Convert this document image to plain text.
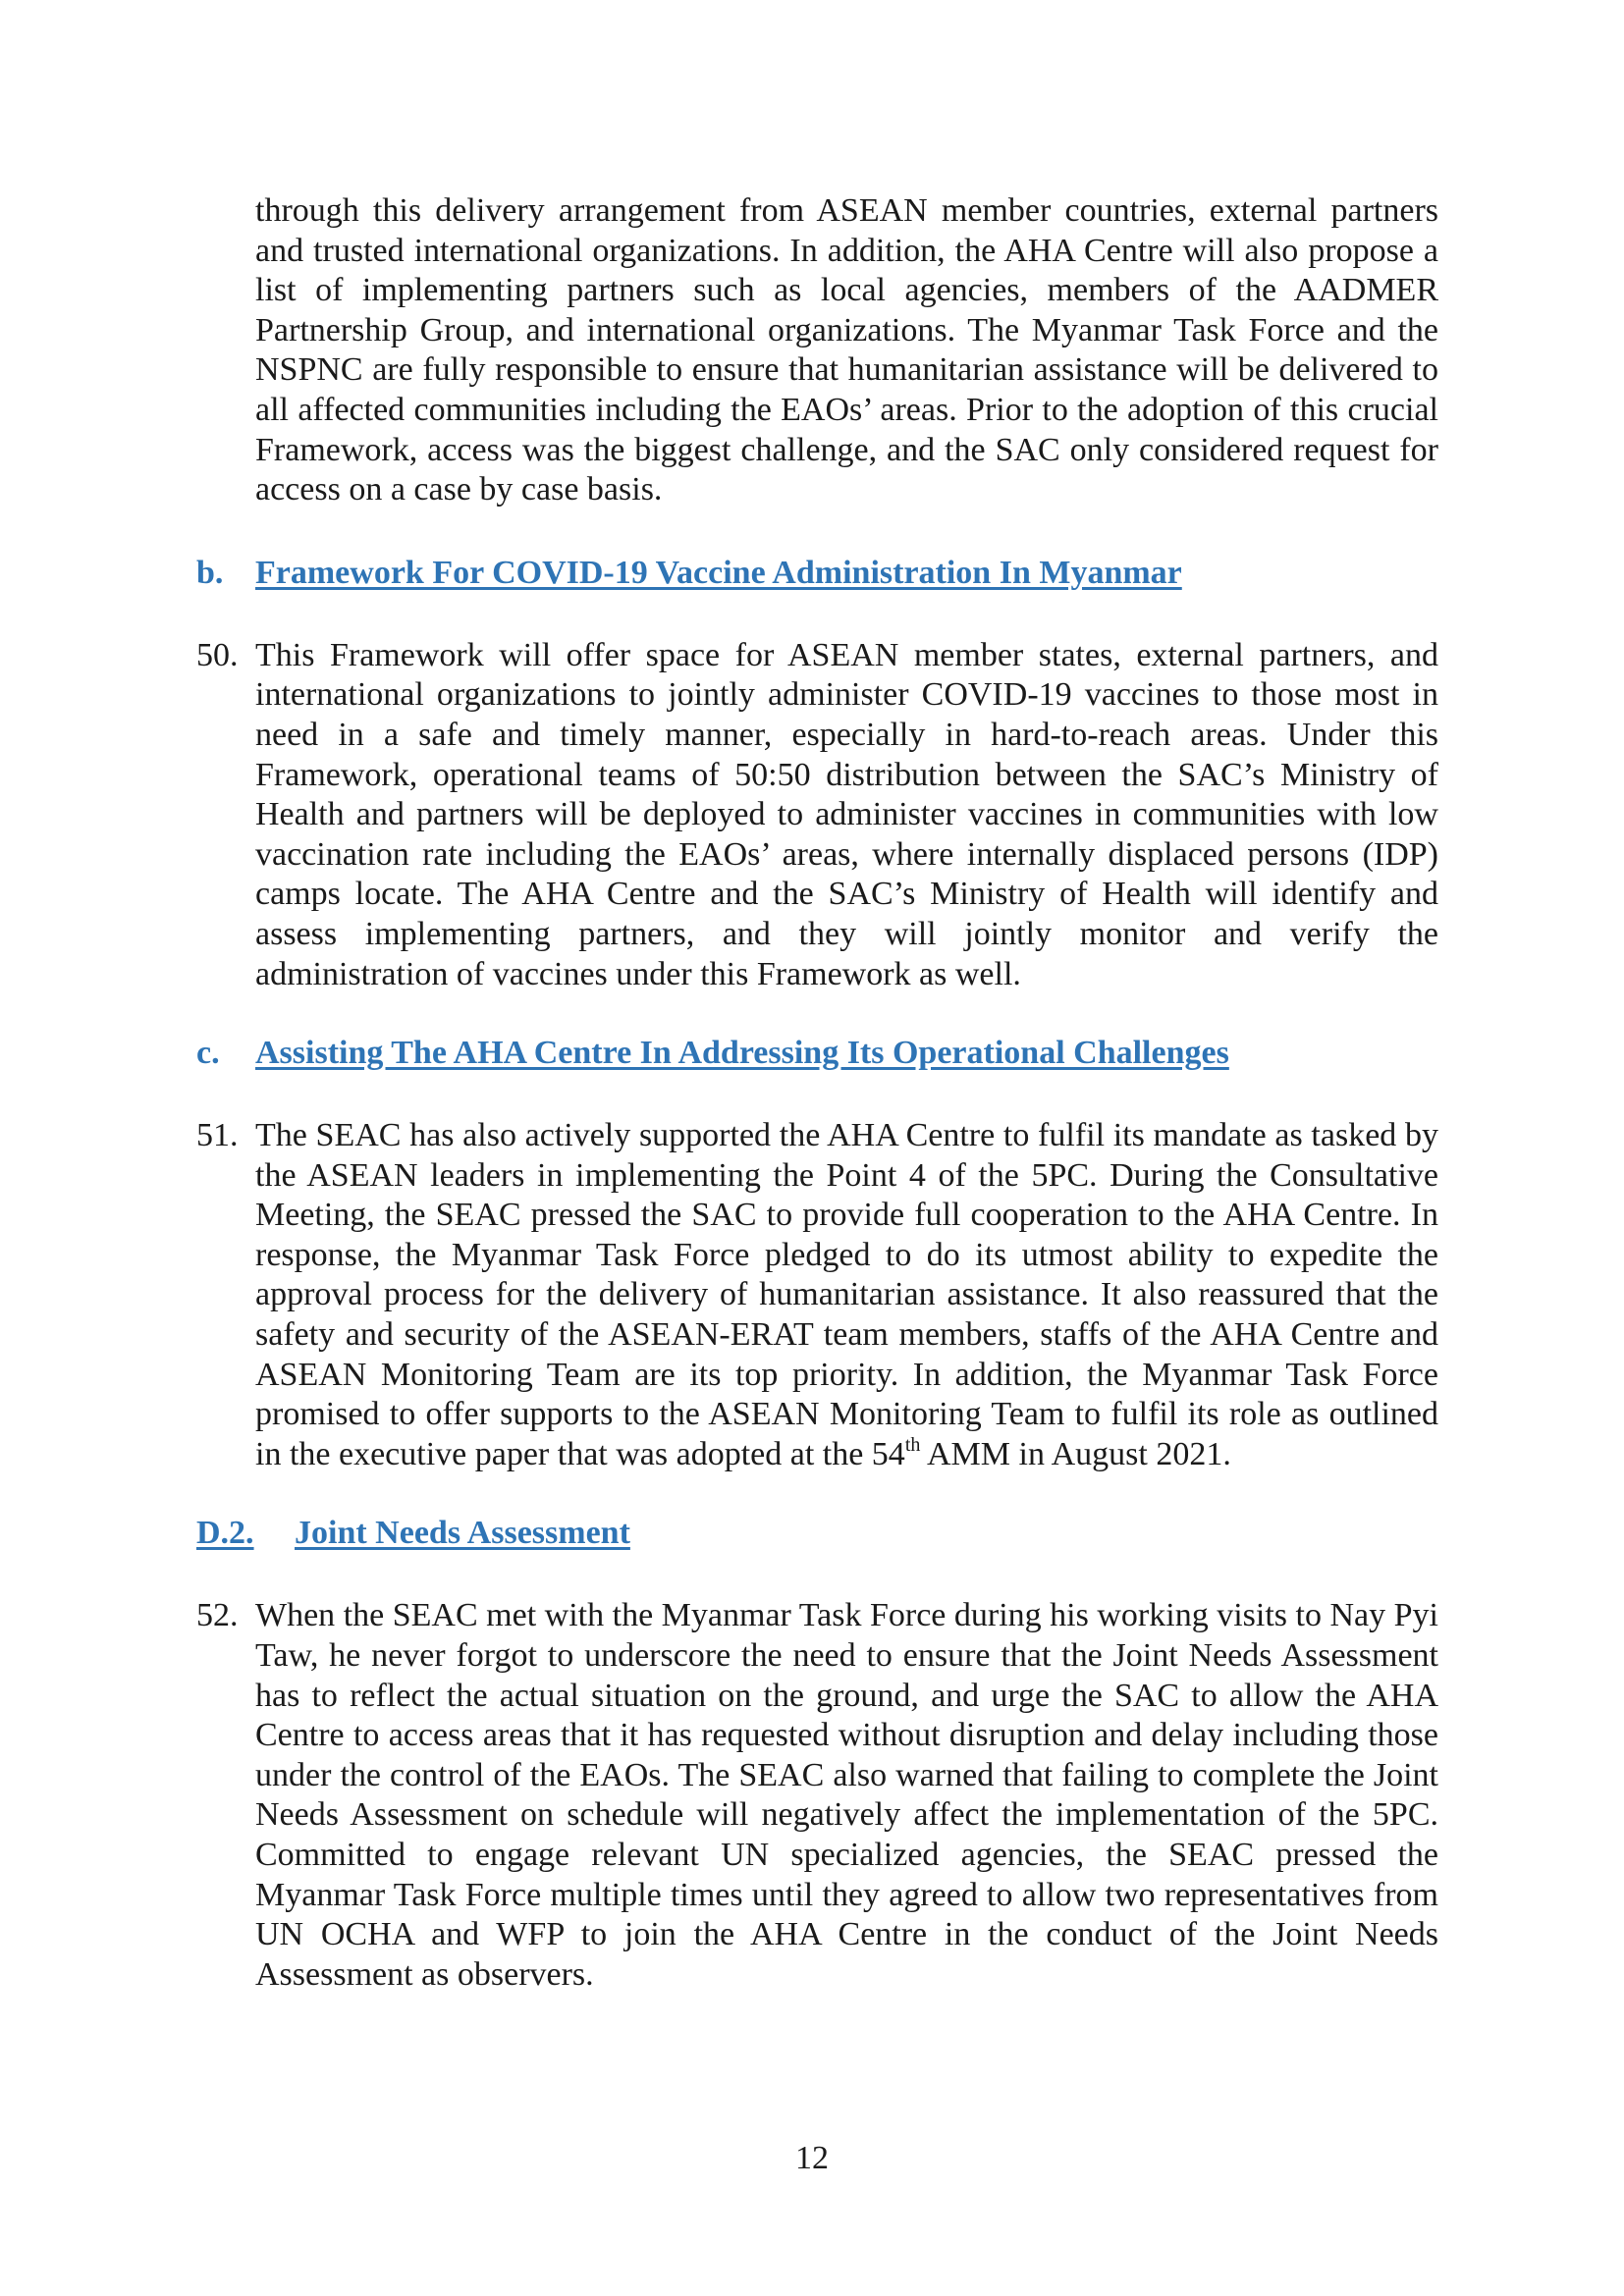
through this delivery arrangement from ASEAN member countries, external partners and trusted international organizations. In addition, the AHA Centre will also propose a list of implementing partners such as local agencies, members of the AADMER Partnership Group, and international organizations. The Myanmar Task Force and the NSPNC are fully responsible to ensure that humanitarian assistance will be delivered to all affected communities including the EAOs’ areas. Prior to the adoption of this crucial Framework, access was the biggest challenge, and the SAC only considered request for access on a case by case basis.

b. Framework For COVID-19 Vaccine Administration In Myanmar
50. This Framework will offer space for ASEAN member states, external partners, and international organizations to jointly administer COVID-19 vaccines to those most in need in a safe and timely manner, especially in hard-to-reach areas. Under this Framework, operational teams of 50:50 distribution between the SAC’s Ministry of Health and partners will be deployed to administer vaccines in communities with low vaccination rate including the EAOs’ areas, where internally displaced persons (IDP) camps locate. The AHA Centre and the SAC’s Ministry of Health will identify and assess implementing partners, and they will jointly monitor and verify the administration of vaccines under this Framework as well.

c. Assisting The AHA Centre In Addressing Its Operational Challenges
51. The SEAC has also actively supported the AHA Centre to fulfil its mandate as tasked by the ASEAN leaders in implementing the Point 4 of the 5PC. During the Consultative Meeting, the SEAC pressed the SAC to provide full cooperation to the AHA Centre. In response, the Myanmar Task Force pledged to do its utmost ability to expedite the approval process for the delivery of humanitarian assistance. It also reassured that the safety and security of the ASEAN-ERAT team members, staffs of the AHA Centre and ASEAN Monitoring Team are its top priority. In addition, the Myanmar Task Force promised to offer supports to the ASEAN Monitoring Team to fulfil its role as outlined in the executive paper that was adopted at the 54th AMM in August 2021.

D.2. Joint Needs Assessment
52. When the SEAC met with the Myanmar Task Force during his working visits to Nay Pyi Taw, he never forgot to underscore the need to ensure that the Joint Needs Assessment has to reflect the actual situation on the ground, and urge the SAC to allow the AHA Centre to access areas that it has requested without disruption and delay including those under the control of the EAOs. The SEAC also warned that failing to complete the Joint Needs Assessment on schedule will negatively affect the implementation of the 5PC. Committed to engage relevant UN specialized agencies, the SEAC pressed the Myanmar Task Force multiple times until they agreed to allow two representatives from UN OCHA and WFP to join the AHA Centre in the conduct of the Joint Needs Assessment as observers.

12
